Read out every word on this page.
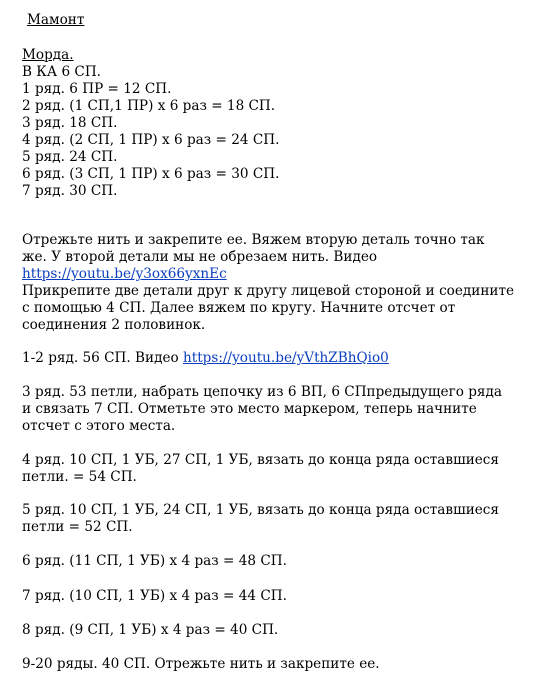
Мамонт
Морда.
В КА 6 СП.
1 ряд. 6 ПР = 12 СП.
2 ряд. (1 СП,1 ПР) х 6 раз = 18 СП.
3 ряд. 18 СП.
4 ряд. (2 СП, 1 ПР) х 6 раз = 24 СП.
5 ряд. 24 СП.
6 ряд. (3 СП, 1 ПР) х 6 раз = 30 СП.
7 ряд. 30 СП.
Отрежьте нить и закрепите ее. Вяжем вторую деталь точно так
же. У второй детали мы не обрезаем нить. Видео
https://youtu.be/y3ox66yxnEc
Прикрепите две детали друг к другу лицевой стороной и соедините
с помощью 4 СП. Далее вяжем по кругу. Начните отсчет от
соединения 2 половинок.
1-2 ряд. 56 СП. Видео https://youtu.be/yVthZBhQio0
3 ряд. 53 петли, набрать цепочку из 6 ВП, 6 СПпредыдущего ряда
и связать 7 СП. Отметьте это место маркером, теперь начните
отсчет с этого места.
4 ряд. 10 СП, 1 УБ, 27 СП, 1 УБ, вязать до конца ряда оставшиеся
петли. = 54 СП.
5 ряд. 10 СП, 1 УБ, 24 СП, 1 УБ, вязать до конца ряда оставшиеся
петли = 52 СП.
6 ряд. (11 СП, 1 УБ) х 4 раз = 48 СП.
7 ряд. (10 СП, 1 УБ) х 4 раз = 44 СП.
8 ряд. (9 СП, 1 УБ) х 4 раз = 40 СП.
9-20 ряды. 40 СП. Отрежьте нить и закрепите ее.
